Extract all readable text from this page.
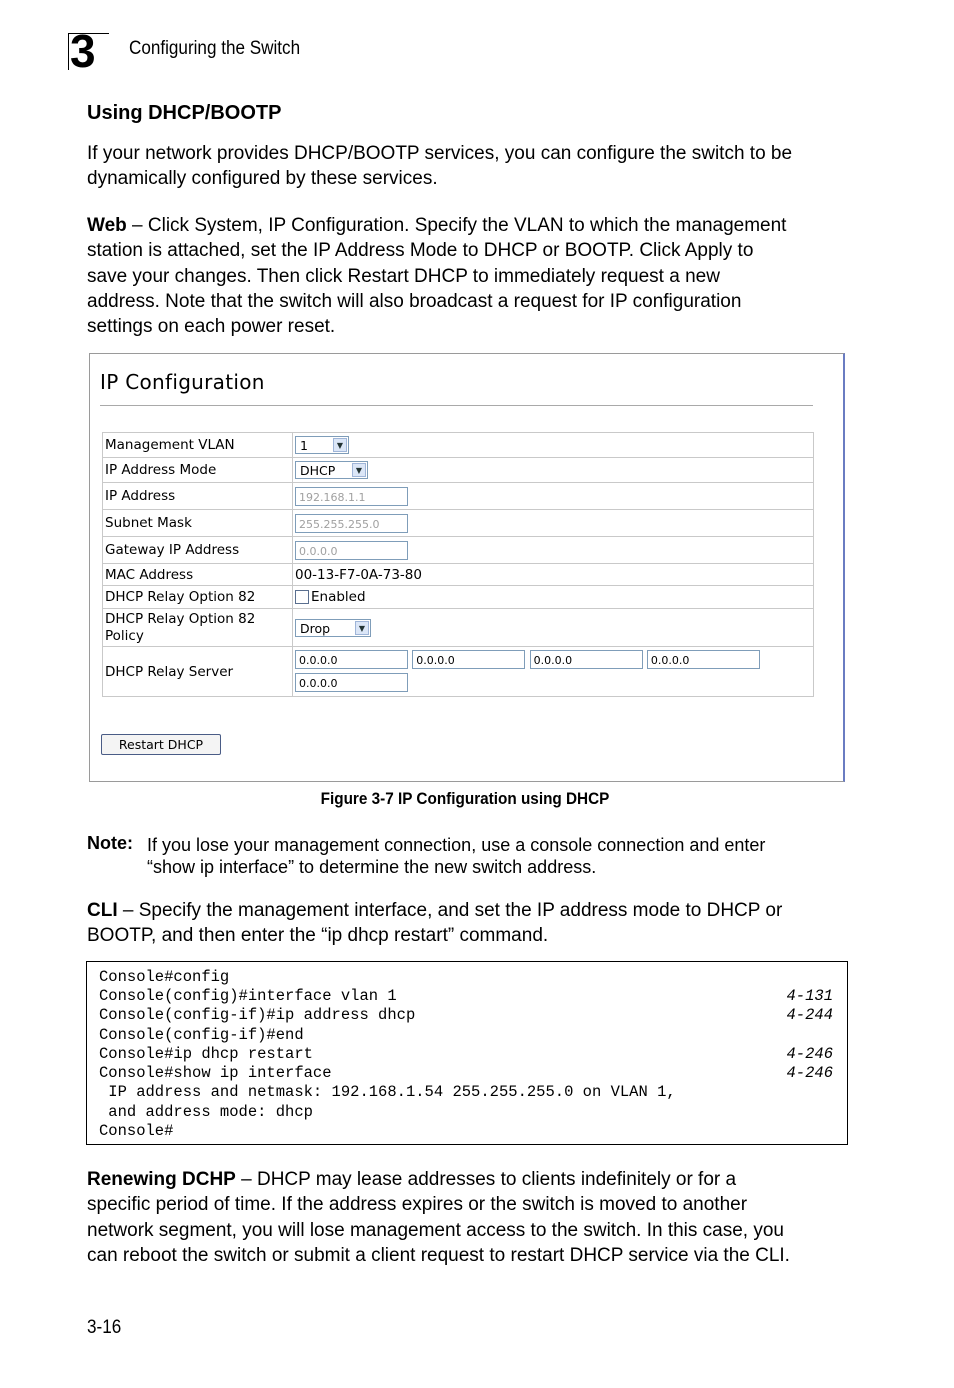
3 Configuring the Switch
Using DHCP/BOOTP
If your network provides DHCP/BOOTP services, you can configure the switch to be
dynamically configured by these services.
Web – Click System, IP Configuration. Specify the VLAN to which the management
station is attached, set the IP Address Mode to DHCP or BOOTP. Click Apply to
save your changes. Then click Restart DHCP to immediately request a new
address. Note that the switch will also broadcast a request for IP configuration
settings on each power reset.
IP Configuration
Management VLAN	1 ▼

IP Address Mode	DHCP ▼

IP Address	192.168.1.1
Subnet Mask	255.255.255.0
Gateway IP Address	0.0.0.0
MAC Address	00-13-F7-0A-73-80
DHCP Relay Option 82	Enabled
DHCP Relay Option 82
Policy	Drop ▼

DHCP Relay Server	0.0.0.0 0.0.0.0 0.0.0.0 0.0.0.0
0.0.0.0
Restart DHCP
Figure 3-7 IP Configuration using DHCP
Note: If you lose your management connection, use a console connection and enter
“show ip interface” to determine the new switch address.
CLI – Specify the management interface, and set the IP address mode to DHCP or
BOOTP, and then enter the “ip dhcp restart” command.
Console#config
Console(config)#interface vlan 1	4-131
Console(config-if)#ip address dhcp	4-244
Console(config-if)#end
Console#ip dhcp restart	4-246
Console#show ip interface	4-246
IP address and netmask: 192.168.1.54 255.255.255.0 on VLAN 1,
and address mode: dhcp
Console#
Renewing DCHP – DHCP may lease addresses to clients indefinitely or for a
specific period of time. If the address expires or the switch is moved to another
network segment, you will lose management access to the switch. In this case, you
can reboot the switch or submit a client request to restart DHCP service via the CLI.
3-16
